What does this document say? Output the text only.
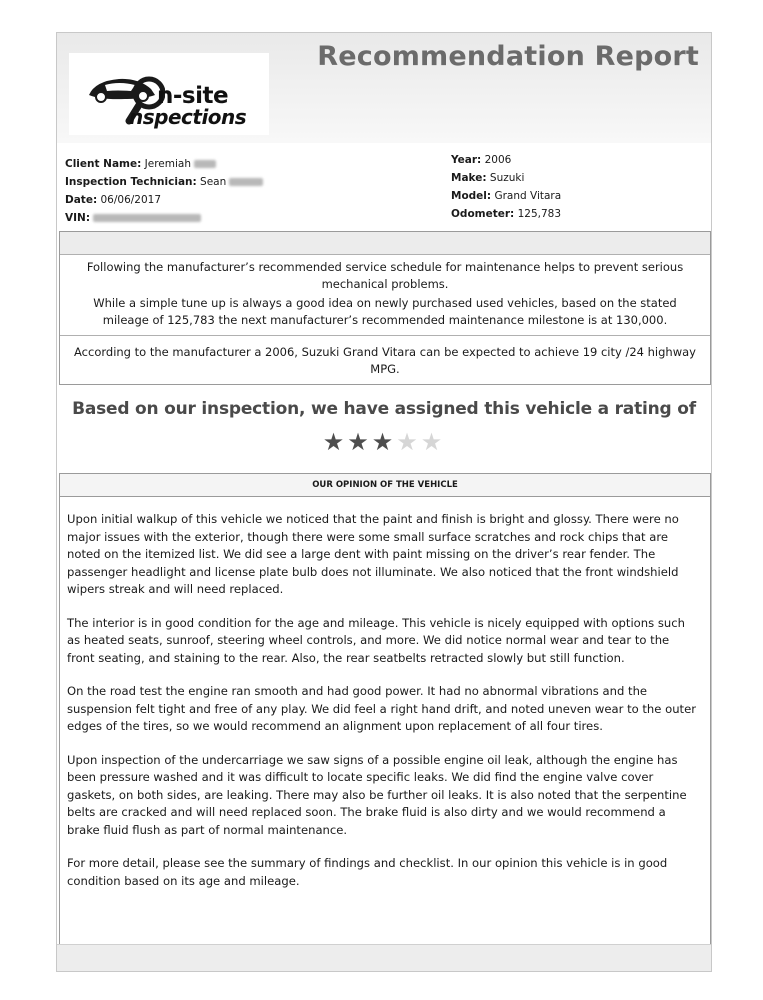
Recommendation Report
n-site
nspections
Client Name: Jeremiah
Inspection Technician: Sean
Date: 06/06/2017
VIN:
Year: 2006
Make: Suzuki
Model: Grand Vitara
Odometer: 125,783

Following the manufacturer’s recommended service schedule for maintenance helps to prevent serious mechanical problems.

While a simple tune up is always a good idea on newly purchased used vehicles, based on the stated mileage of 125,783 the next manufacturer’s recommended maintenance milestone is at 130,000.

According to the manufacturer a 2006, Suzuki Grand Vitara can be expected to achieve 19 city /24 highway MPG.

Based on our inspection, we have assigned this vehicle a rating of
★★★★★
OUR OPINION OF THE VEHICLE

Upon initial walkup of this vehicle we noticed that the paint and finish is bright and glossy. There were no major issues with the exterior, though there were some small surface scratches and rock chips that are noted on the itemized list. We did see a large dent with paint missing on the driver’s rear fender. The passenger headlight and license plate bulb does not illuminate. We also noticed that the front windshield wipers streak and will need replaced.

The interior is in good condition for the age and mileage. This vehicle is nicely equipped with options such as heated seats, sunroof, steering wheel controls, and more. We did notice normal wear and tear to the front seating, and staining to the rear. Also, the rear seatbelts retracted slowly but still function.

On the road test the engine ran smooth and had good power. It had no abnormal vibrations and the suspension felt tight and free of any play. We did feel a right hand drift, and noted uneven wear to the outer edges of the tires, so we would recommend an alignment upon replacement of all four tires.

Upon inspection of the undercarriage we saw signs of a possible engine oil leak, although the engine has been pressure washed and it was difficult to locate specific leaks. We did find the engine valve cover gaskets, on both sides, are leaking. There may also be further oil leaks. It is also noted that the serpentine belts are cracked and will need replaced soon. The brake fluid is also dirty and we would recommend a brake fluid flush as part of normal maintenance.

For more detail, please see the summary of findings and checklist. In our opinion this vehicle is in good condition based on its age and mileage.
